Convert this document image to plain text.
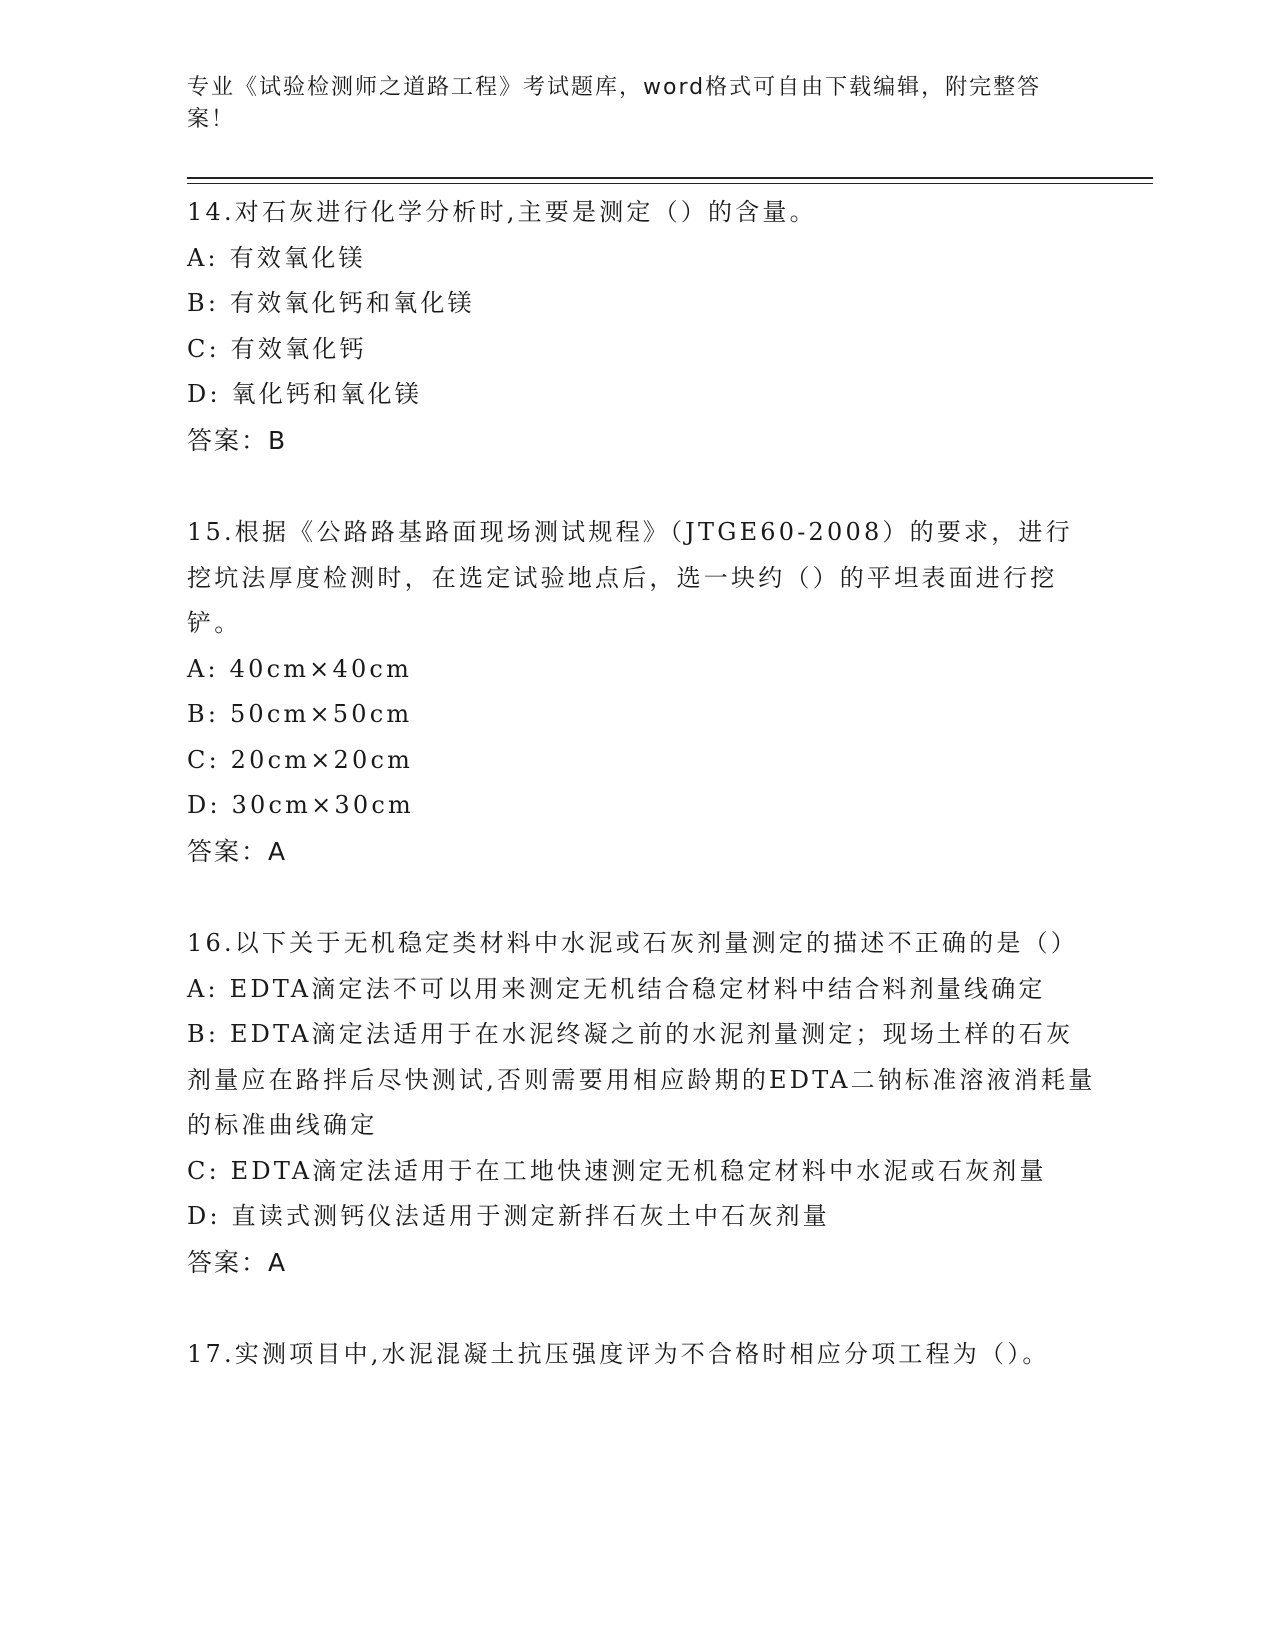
专业《试验检测师之道路工程》考试题库，word格式可自由下载编辑，附完整答案！

14.对石灰进行化学分析时,主要是测定（）的含量。

A: 有效氧化镁

B: 有效氧化钙和氧化镁

C: 有效氧化钙

D: 氧化钙和氧化镁

答案：B

15.根据《公路路基路面现场测试规程》（JTGE60-2008）的要求，进行挖坑法厚度检测时，在选定试验地点后，选一块约（）的平坦表面进行挖铲。

A: 40cm×40cm

B: 50cm×50cm

C: 20cm×20cm

D: 30cm×30cm

答案：A

16.以下关于无机稳定类材料中水泥或石灰剂量测定的描述不正确的是（）

A: EDTA滴定法不可以用来测定无机结合稳定材料中结合料剂量线确定

B: EDTA滴定法适用于在水泥终凝之前的水泥剂量测定；现场土样的石灰剂量应在路拌后尽快测试,否则需要用相应龄期的EDTA二钠标准溶液消耗量的标准曲线确定

C: EDTA滴定法适用于在工地快速测定无机稳定材料中水泥或石灰剂量

D: 直读式测钙仪法适用于测定新拌石灰土中石灰剂量

答案：A

17.实测项目中,水泥混凝土抗压强度评为不合格时相应分项工程为（）。
